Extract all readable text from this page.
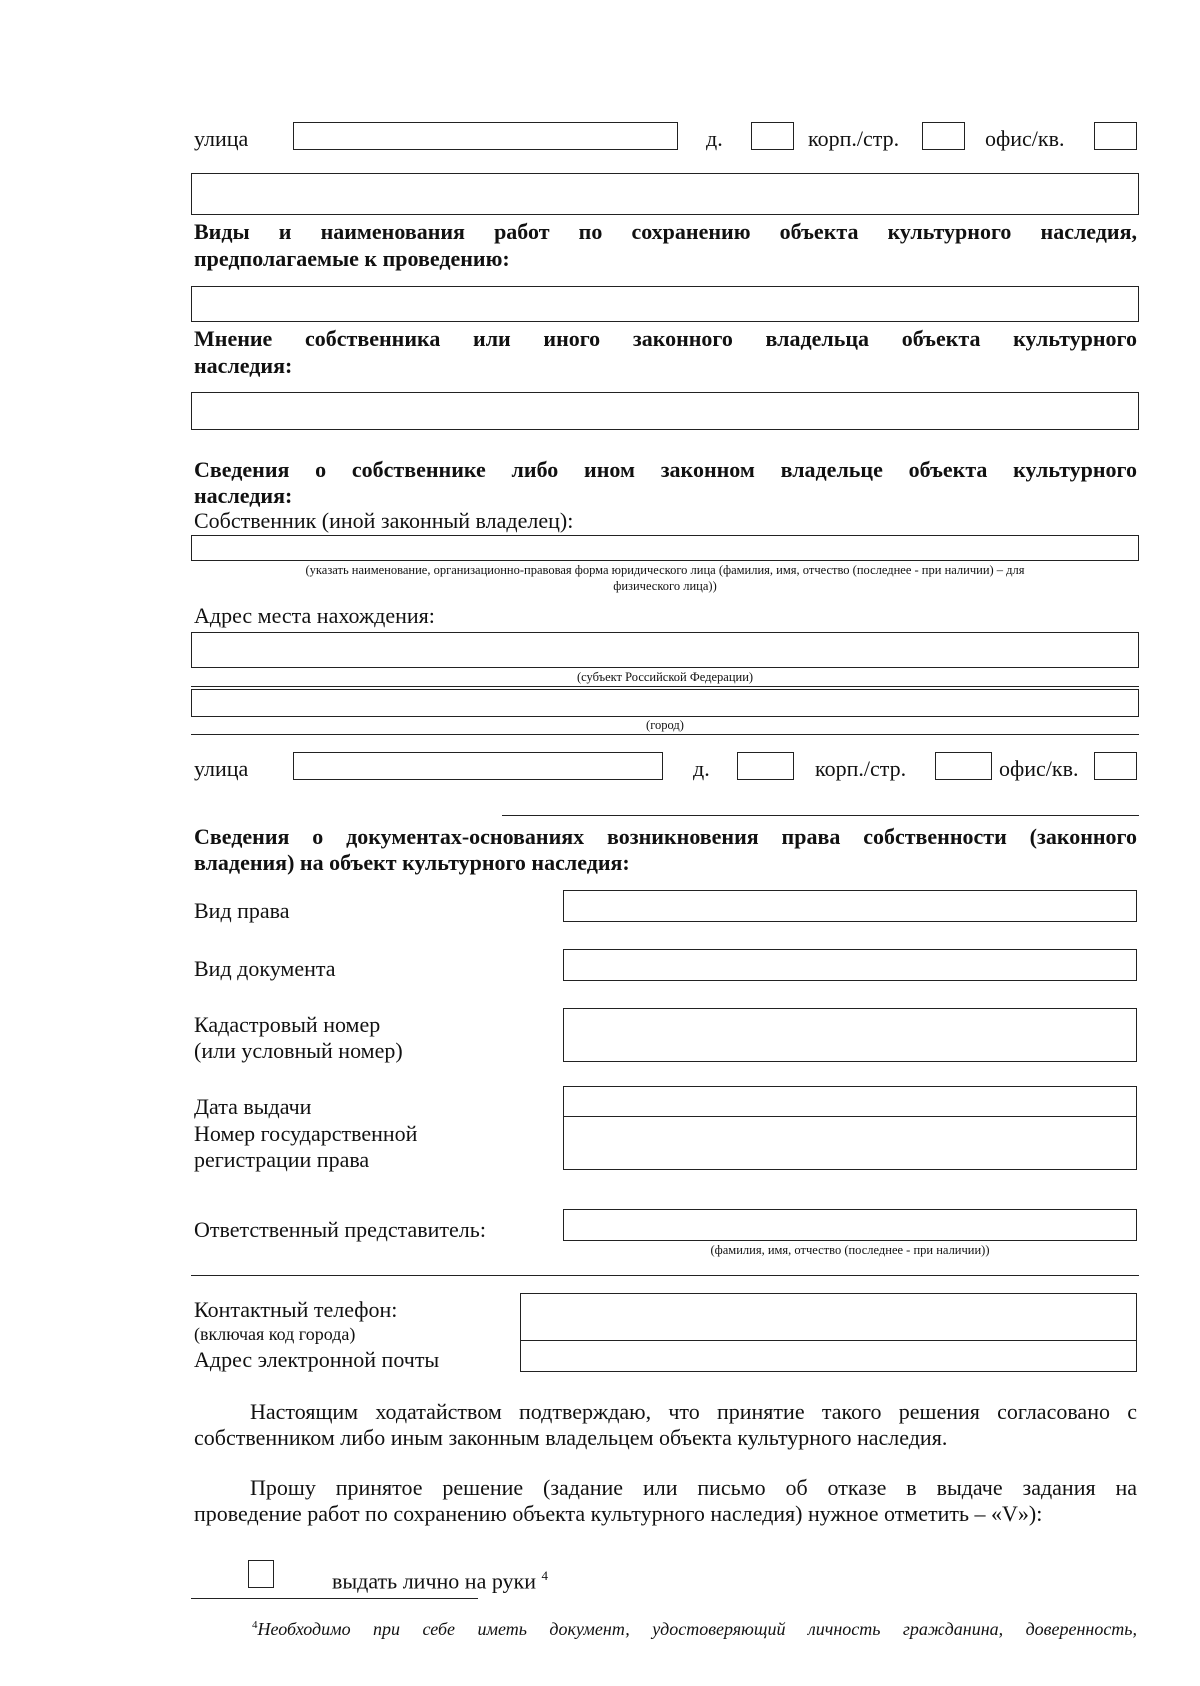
улица	д.	корп./стр.	офис/кв.
Виды и наименования работ по сохранению объекта культурного наследия,
предполагаемые к проведению:
Мнение собственника или иного законного владельца объекта культурного
наследия:
Сведения о собственнике либо ином законном владельце объекта культурного
наследия:
Собственник (иной законный владелец):
(указать наименование, организационно-правовая форма юридического лица (фамилия, имя, отчество (последнее - при наличии) – для
физического лица))
Адрес места нахождения:
(субъект Российской Федерации)
(город)
улица	д.	корп./стр.	офис/кв.
Сведения о документах-основаниях возникновения права собственности (законного
владения) на объект культурного наследия:
Вид права
Вид документа
Кадастровый номер
(или условный номер)
Дата выдачи
Номер государственной
регистрации права
Ответственный представитель:
(фамилия, имя, отчество (последнее - при наличии))
Контактный телефон:
(включая код города)
Адрес электронной почты
Настоящим ходатайством подтверждаю, что принятие такого решения согласовано с
собственником либо иным законным владельцем объекта культурного наследия.
Прошу принятое решение (задание или письмо об отказе в выдаче задания на
проведение работ по сохранению объекта культурного наследия) нужное отметить – «V»):
выдать лично на руки $^4$
$^4$Необходимо при себе иметь документ, удостоверяющий личность гражданина, доверенность,
